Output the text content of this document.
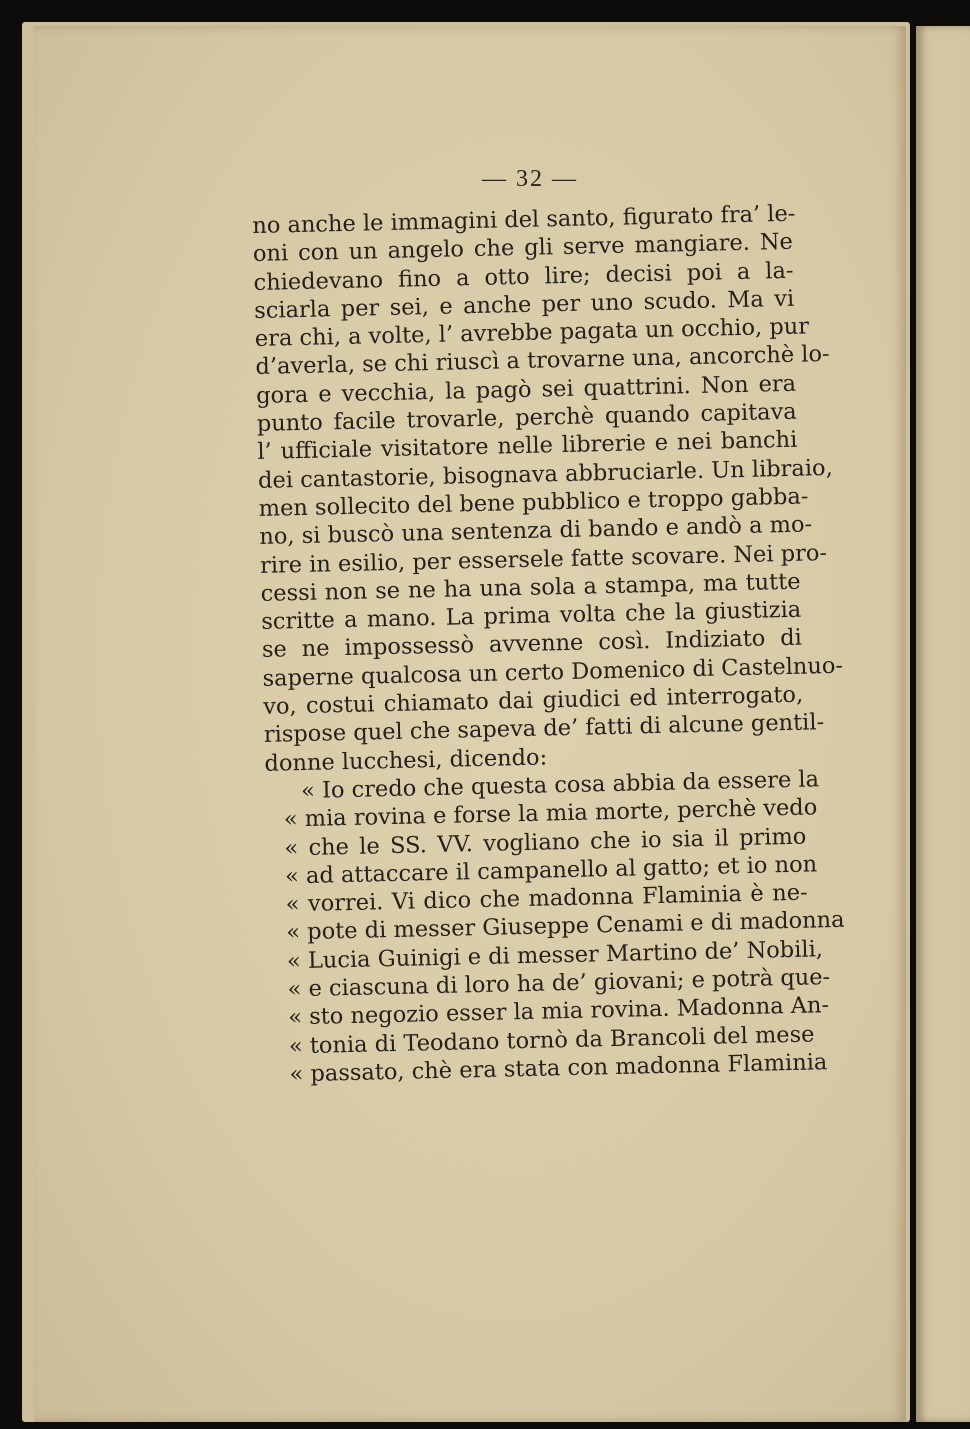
— 32 —
no anche le immagini del santo, figurato fra’ le-
oni con un angelo che gli serve mangiare. Ne
chiedevano fino a otto lire; decisi poi a la-
sciarla per sei, e anche per uno scudo. Ma vi
era chi, a volte, l’ avrebbe pagata un occhio, pur
d’averla, se chi riuscì a trovarne una, ancorchè lo-
gora e vecchia, la pagò sei quattrini. Non era
punto facile trovarle, perchè quando capitava
l’ ufficiale visitatore nelle librerie e nei banchi
dei cantastorie, bisognava abbruciarle. Un libraio,
men sollecito del bene pubblico e troppo gabba-
no, si buscò una sentenza di bando e andò a mo-
rire in esilio, per essersele fatte scovare. Nei pro-
cessi non se ne ha una sola a stampa, ma tutte
scritte a mano. La prima volta che la giustizia
se ne impossessò avvenne così. Indiziato di
saperne qualcosa un certo Domenico di Castelnuo-
vo, costui chiamato dai giudici ed interrogato,
rispose quel che sapeva de’ fatti di alcune gentil-
donne lucchesi, dicendo:
« Io credo che questa cosa abbia da essere la
« mia rovina e forse la mia morte, perchè vedo
« che le SS. VV. vogliano che io sia il primo
« ad attaccare il campanello al gatto; et io non
« vorrei. Vi dico che madonna Flaminia è ne-
« pote di messer Giuseppe Cenami e di madonna
« Lucia Guinigi e di messer Martino de’ Nobili,
« e ciascuna di loro ha de’ giovani; e potrà que-
« sto negozio esser la mia rovina. Madonna An-
« tonia di Teodano tornò da Brancoli del mese
« passato, chè era stata con madonna Flaminia
